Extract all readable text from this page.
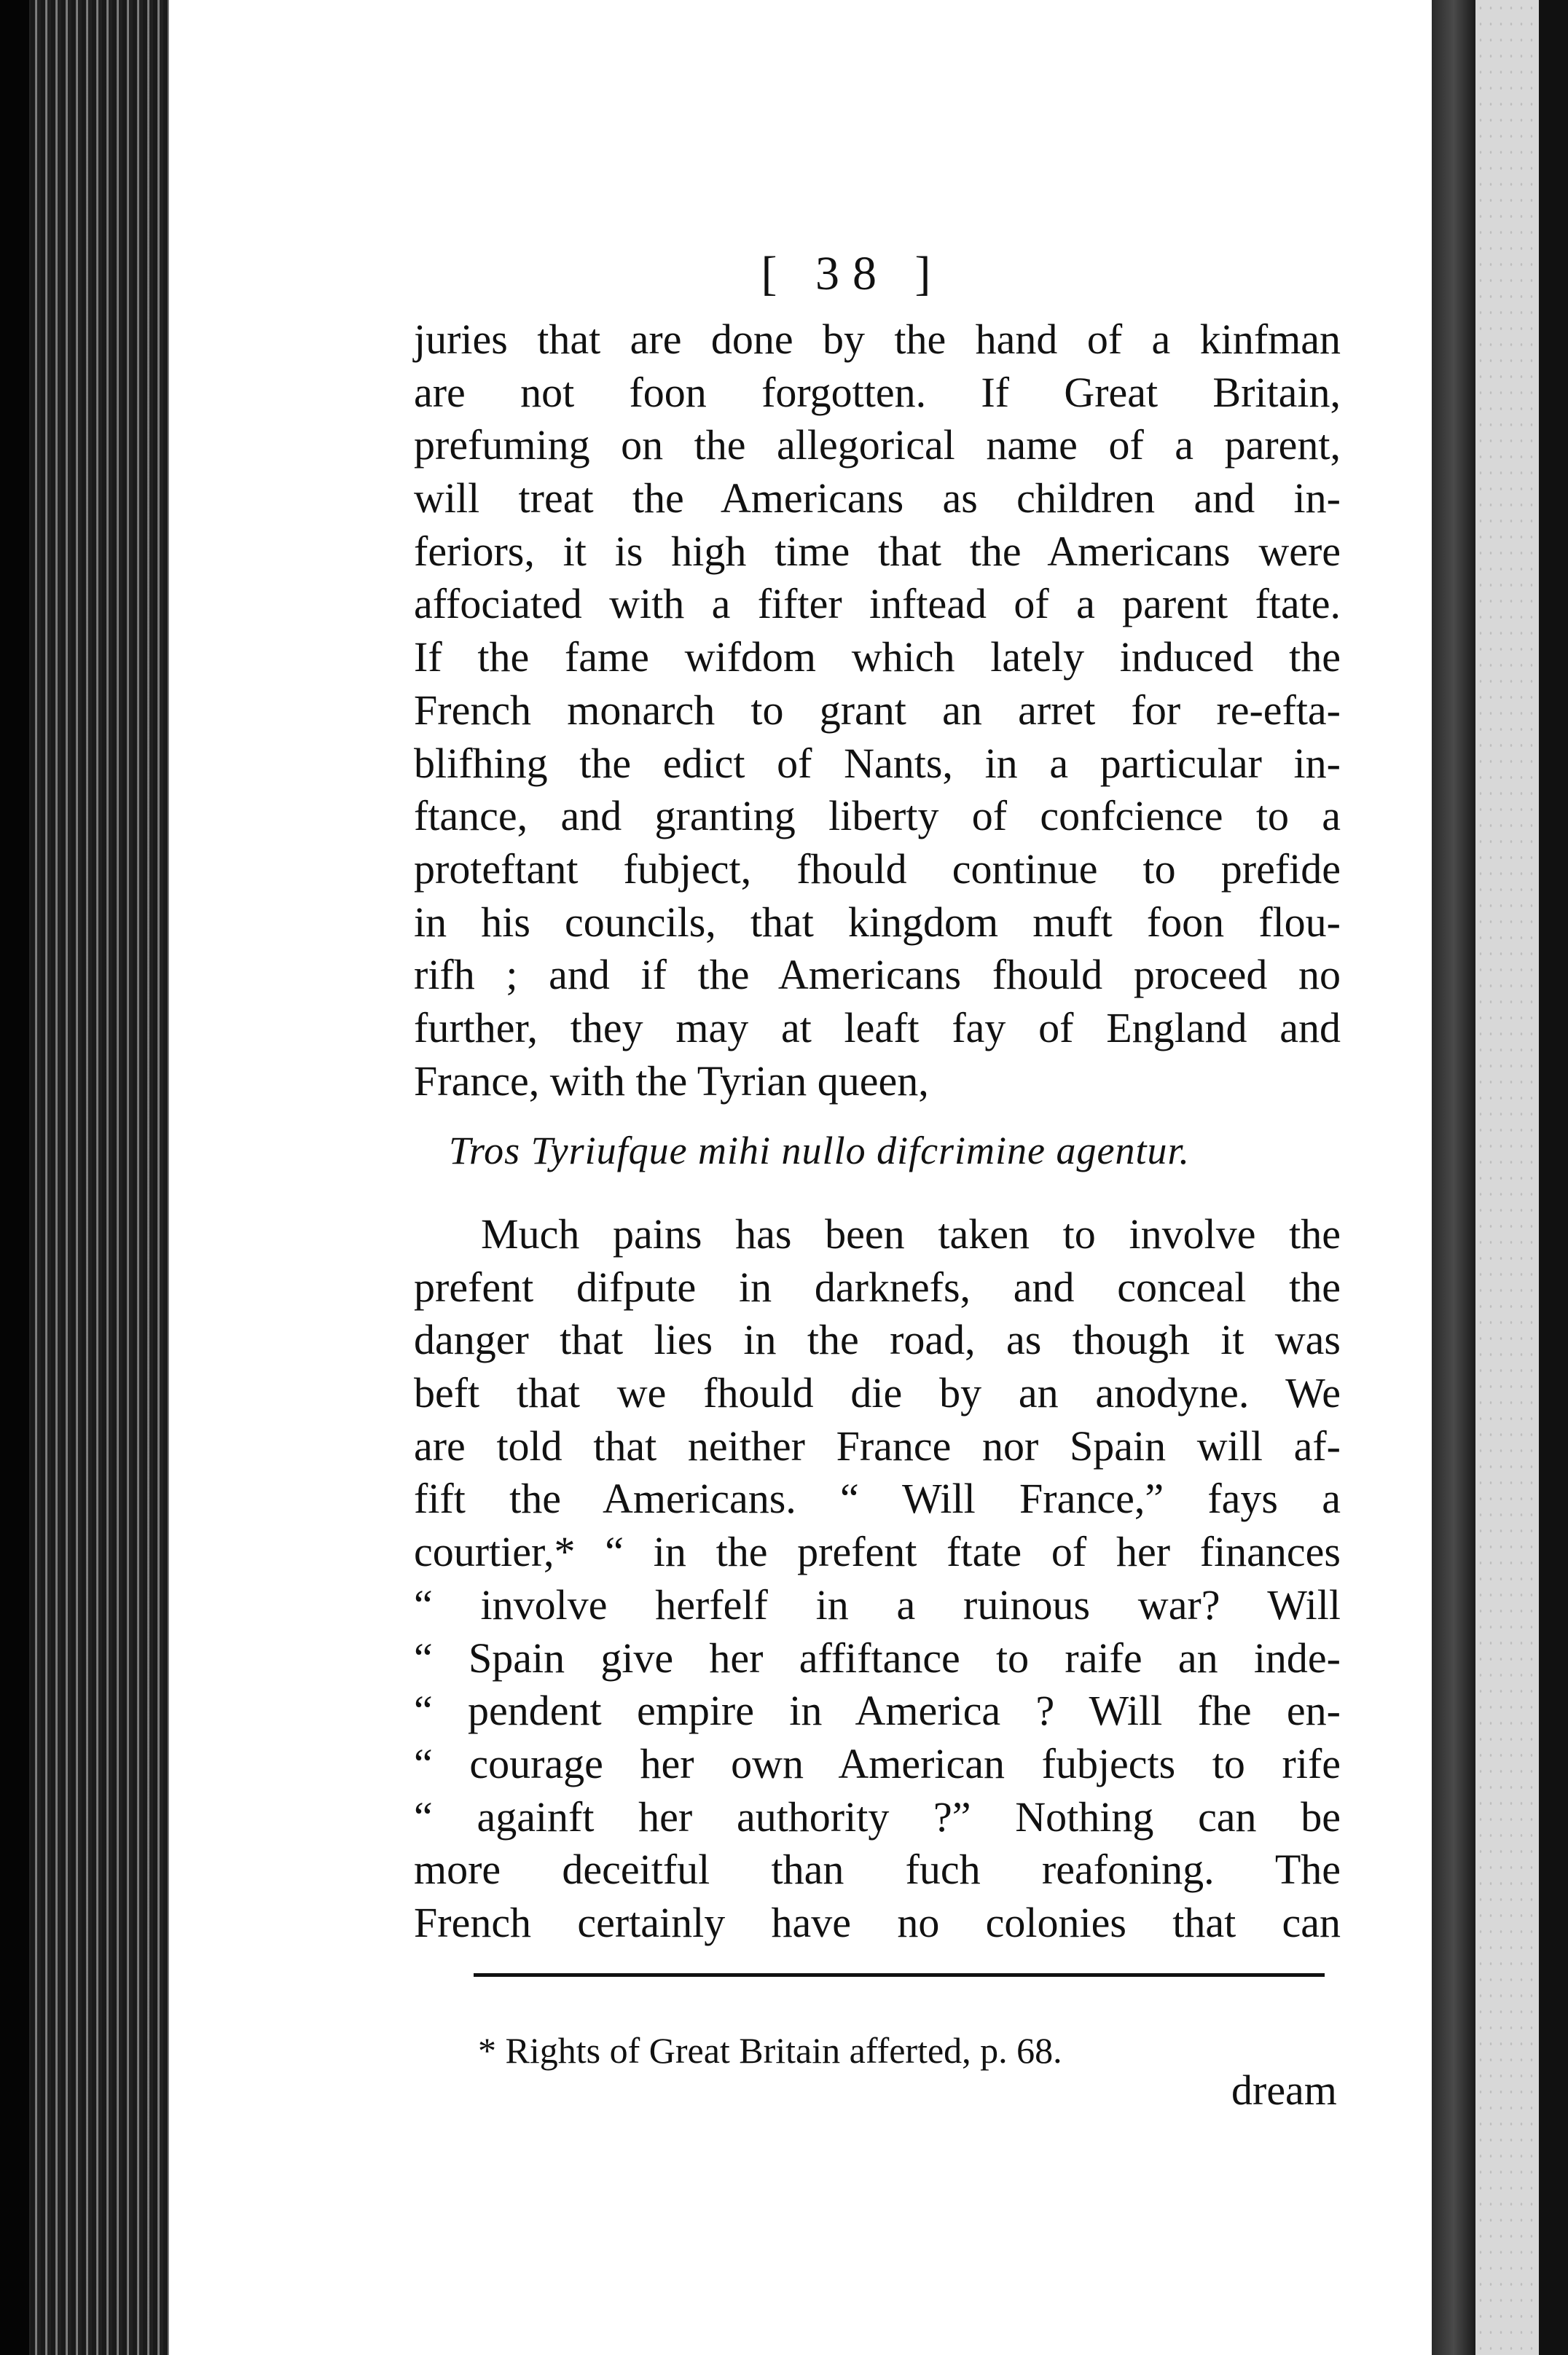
[ 38 ]
juries that are done by the hand of a kinfman
are not foon forgotten. If Great Britain,
prefuming on the allegorical name of a parent,
will treat the Americans as children and in-
feriors, it is high time that the Americans were
affociated with a fifter inftead of a parent ftate.
If the fame wifdom which lately induced the
French monarch to grant an arret for re-efta-
blifhing the edict of Nants, in a particular in-
ftance, and granting liberty of confcience to a
proteftant fubject, fhould continue to prefide
in his councils, that kingdom muft foon flou-
rifh ; and if the Americans fhould proceed no
further, they may at leaft fay of England and
France, with the Tyrian queen,
Tros Tyriufque mihi nullo difcrimine agentur.
Much pains has been taken to involve the
prefent difpute in darknefs, and conceal the
danger that lies in the road, as though it was
beft that we fhould die by an anodyne. We
are told that neither France nor Spain will af-
fift the Americans. “ Will France,” fays a
courtier,* “ in the prefent ftate of her finances
“ involve herfelf in a ruinous war? Will
“ Spain give her affiftance to raife an inde-
“ pendent empire in America ? Will fhe en-
“ courage her own American fubjects to rife
“ againft her authority ?” Nothing can be
more deceitful than fuch reafoning. The
French certainly have no colonies that can
* Rights of Great Britain afferted, p. 68.
dream
